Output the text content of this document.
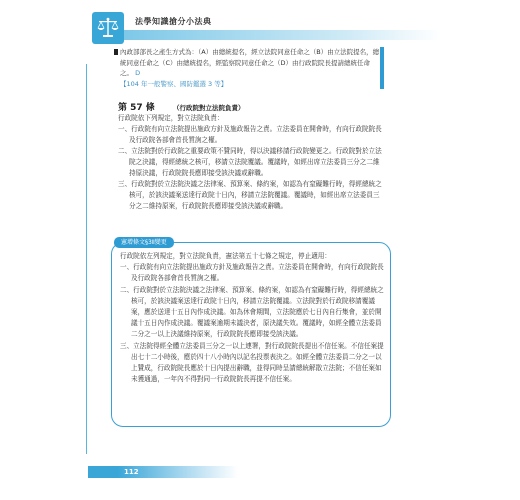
法學知識搶分小法典
內政部部長之產生方式為：（A）由總統提名，經立法院同意任命之（B）由立法院提名，總統同意任命之（C）由總統提名，經監察院同意任命之（D）由行政院院長提請總統任命之。 D
【104 年一般警察、國防鑑選 3 等】
第 57 條	（行政院對立法院負責）

行政院依下列規定，對立法院負責：

一、行政院有向立法院提出施政方針及施政報告之責。立法委員在開會時，有向行政院院長及行政院各部會首長質詢之權。

二、立法院對於行政院之重要政策不贊同時，得以決議移請行政院變更之。行政院對於立法院之決議，得經總統之核可，移請立法院覆議。覆議時，如經出席立法委員三分之二維持原決議，行政院院長應即接受該決議或辭職。

三、行政院對於立法院決議之法律案、預算案、條約案，如認為有窒礙難行時，得經總統之核可，於該決議案送達行政院十日內，移請立法院覆議。覆議時，如經出席立法委員三分之二維持原案，行政院院長應即接受該決議或辭職。

憲增條文§3Ⅱ變更

行政院依左列規定，對立法院負責，憲法第五十七條之規定，停止適用：

一、行政院有向立法院提出施政方針及施政報告之責。立法委員在開會時，有向行政院院長及行政院各部會首長質詢之權。

二、行政院對於立法院決議之法律案、預算案、條約案，如認為有窒礙難行時，得經總統之核可，於該決議案送達行政院十日內，移請立法院覆議。立法院對於行政院移請覆議案，應於送達十五日內作成決議。如為休會期間，立法院應於七日內自行集會，並於開議十五日內作成決議。覆議案逾期未議決者，原決議失效。覆議時，如經全體立法委員二分之一以上決議維持原案，行政院院長應即接受該決議。

三、立法院得經全體立法委員三分之一以上連署，對行政院院長提出不信任案。不信任案提出七十二小時後，應於四十八小時內以記名投票表決之。如經全體立法委員二分之一以上贊成，行政院院長應於十日內提出辭職，並得同時呈請總統解散立法院；不信任案如未獲通過，一年內不得對同一行政院院長再提不信任案。

112
